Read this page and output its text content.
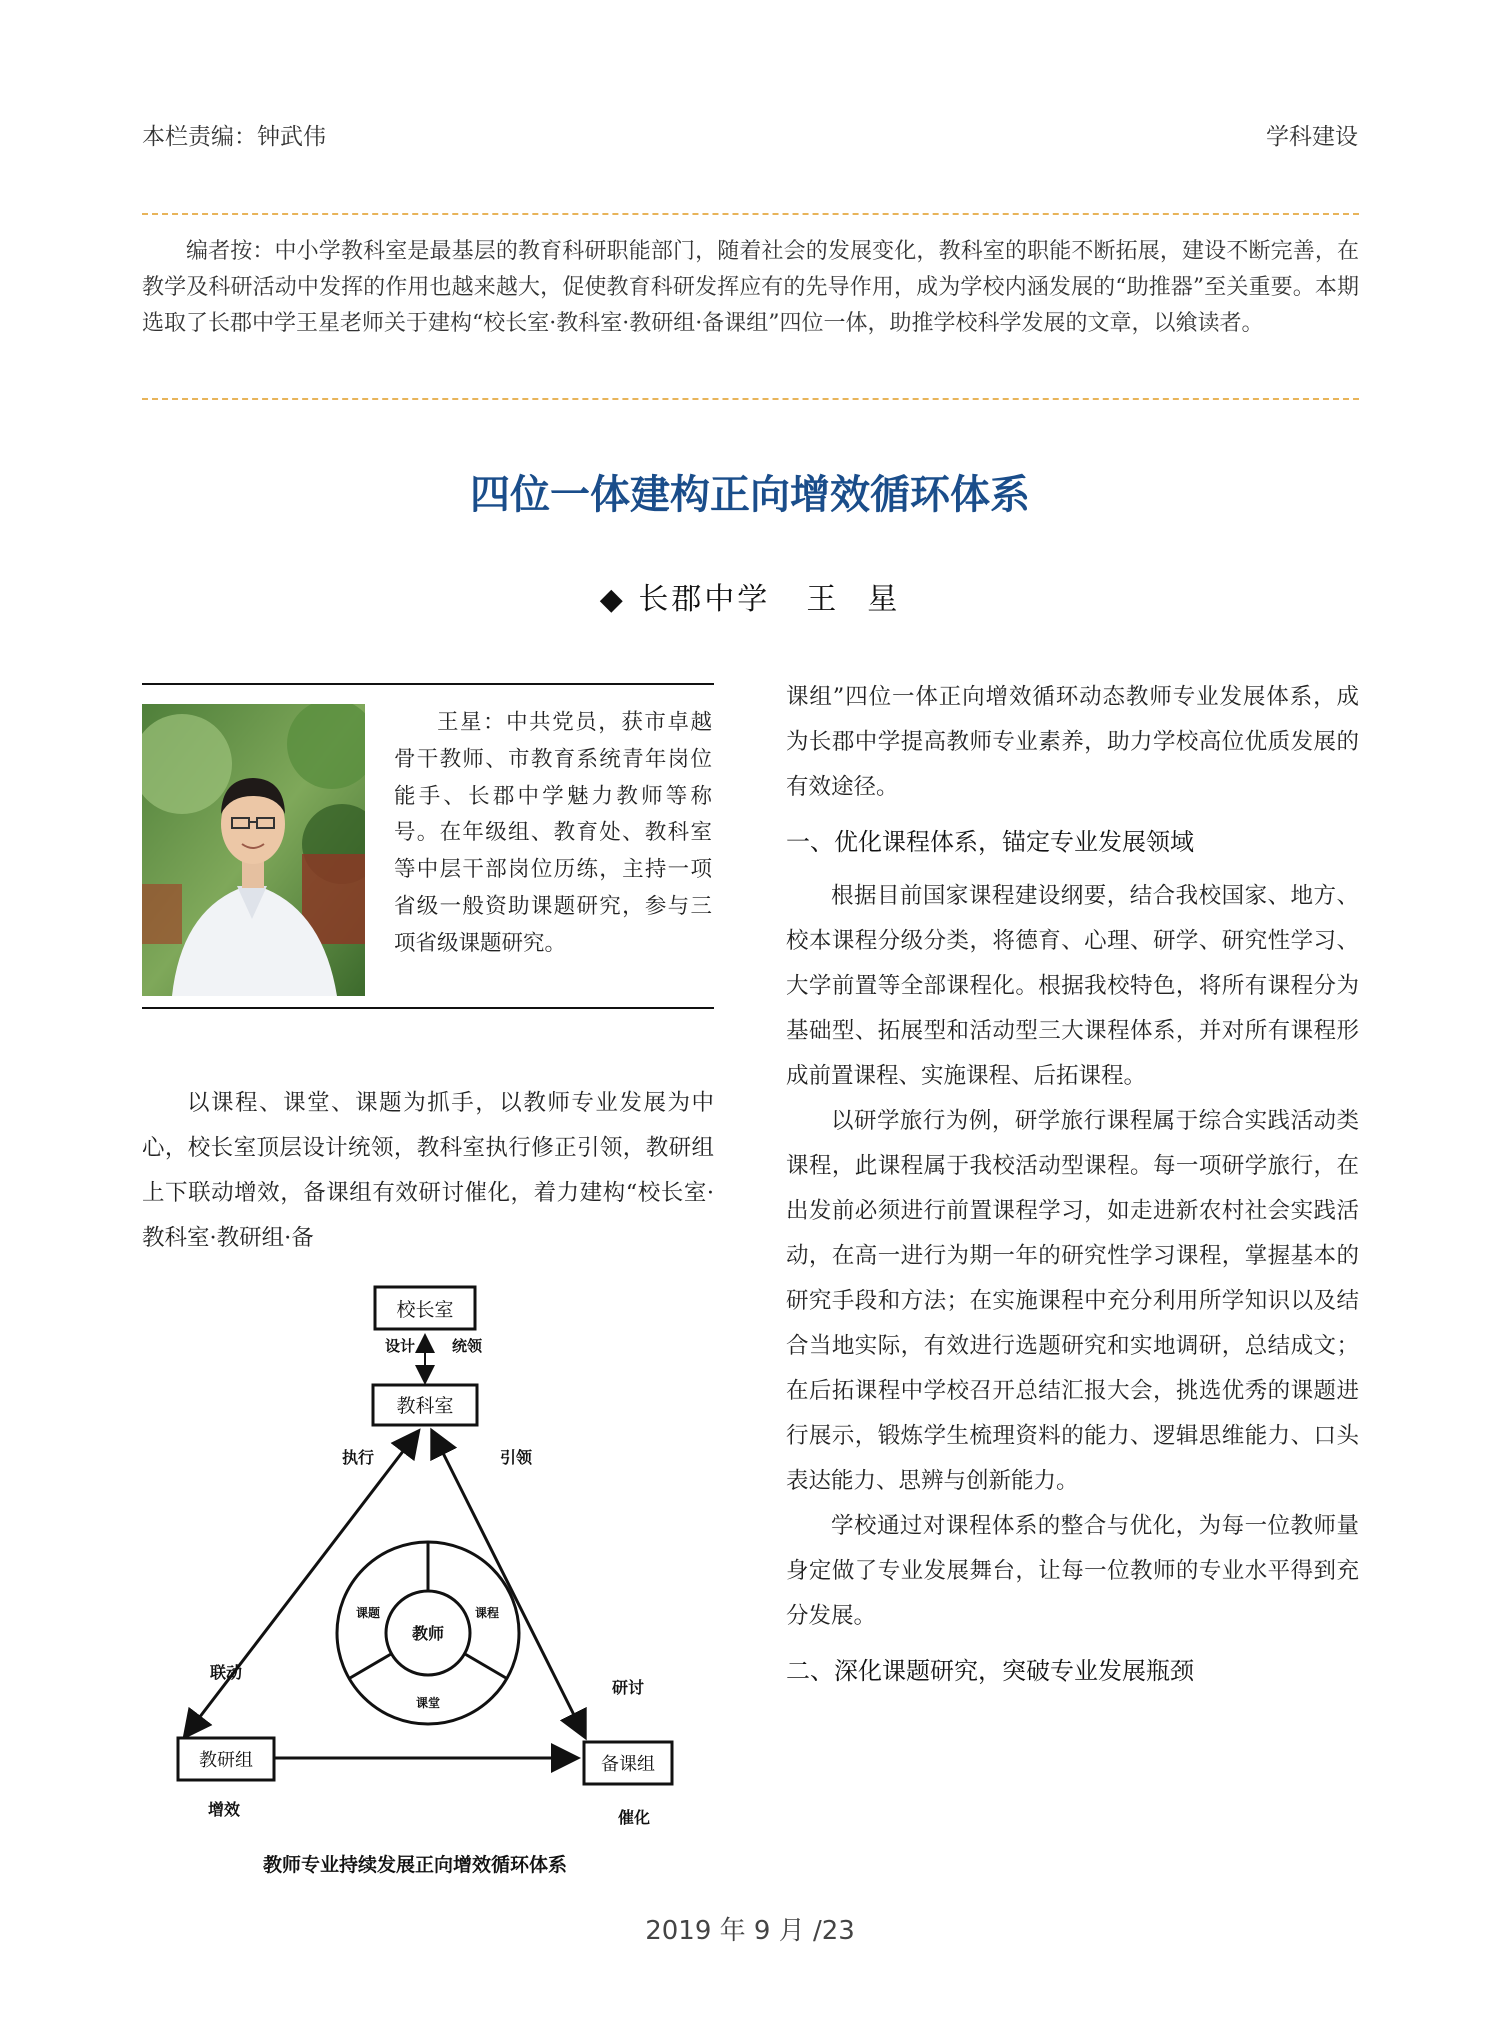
本栏责编：钟武伟	学科建设

编者按：中小学教科室是最基层的教育科研职能部门，随着社会的发展变化，教科室的职能不断拓展，建设不断完善，在教学及科研活动中发挥的作用也越来越大，促使教育科研发挥应有的先导作用，成为学校内涵发展的“助推器”至关重要。本期选取了长郡中学王星老师关于建构“校长室·教科室·教研组·备课组”四位一体，助推学校科学发展的文章，以飨读者。

四位一体建构正向增效循环体系
◆ 长郡中学 王 星

王星：中共党员，获市卓越骨干教师、市教育系统青年岗位能手、长郡中学魅力教师等称号。在年级组、教育处、教科室等中层干部岗位历练，主持一项省级一般资助课题研究，参与三项省级课题研究。

以课程、课堂、课题为抓手，以教师专业发展为中心，校长室顶层设计统领，教科室执行修正引领，教研组上下联动增效，备课组有效研讨催化，着力建构“校长室·教科室·教研组·备

校长室
设计 统领
教科室
执行	引领
联动
研讨
增效	催化
教师
课题	课程
课堂
教研组	备课组
教师专业持续发展正向增效循环体系

课组”四位一体正向增效循环动态教师专业发展体系，成为长郡中学提高教师专业素养，助力学校高位优质发展的有效途径。

一、优化课程体系，锚定专业发展领域

根据目前国家课程建设纲要，结合我校国家、地方、校本课程分级分类，将德育、心理、研学、研究性学习、大学前置等全部课程化。根据我校特色，将所有课程分为基础型、拓展型和活动型三大课程体系，并对所有课程形成前置课程、实施课程、后拓课程。

以研学旅行为例，研学旅行课程属于综合实践活动类课程，此课程属于我校活动型课程。每一项研学旅行，在出发前必须进行前置课程学习，如走进新农村社会实践活动，在高一进行为期一年的研究性学习课程，掌握基本的研究手段和方法；在实施课程中充分利用所学知识以及结合当地实际，有效进行选题研究和实地调研，总结成文；在后拓课程中学校召开总结汇报大会，挑选优秀的课题进行展示，锻炼学生梳理资料的能力、逻辑思维能力、口头表达能力、思辨与创新能力。

学校通过对课程体系的整合与优化，为每一位教师量身定做了专业发展舞台，让每一位教师的专业水平得到充分发展。

二、深化课题研究，突破专业发展瓶颈
2019 年 9 月 /23
